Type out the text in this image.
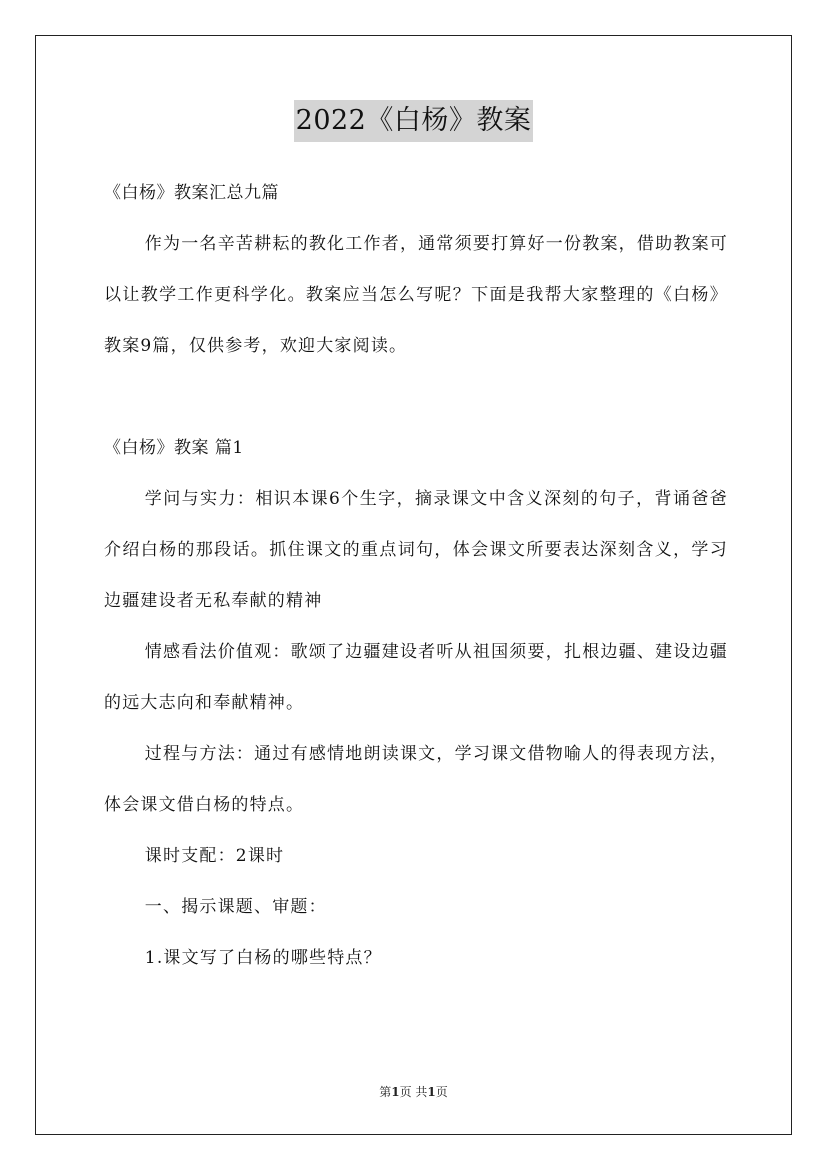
2022《白杨》教案

《白杨》教案汇总九篇

作为一名辛苦耕耘的教化工作者，通常须要打算好一份教案，借助教案可以让教学工作更科学化。教案应当怎么写呢？下面是我帮大家整理的《白杨》教案9篇，仅供参考，欢迎大家阅读。

《白杨》教案 篇1

学问与实力：相识本课6个生字，摘录课文中含义深刻的句子，背诵爸爸介绍白杨的那段话。抓住课文的重点词句，体会课文所要表达深刻含义，学习边疆建设者无私奉献的精神

情感看法价值观：歌颂了边疆建设者听从祖国须要，扎根边疆、建设边疆的远大志向和奉献精神。

过程与方法：通过有感情地朗读课文，学习课文借物喻人的得表现方法，体会课文借白杨的特点。

课时支配：2课时

一、揭示课题、审题：

1.课文写了白杨的哪些特点？

第1页 共1页
